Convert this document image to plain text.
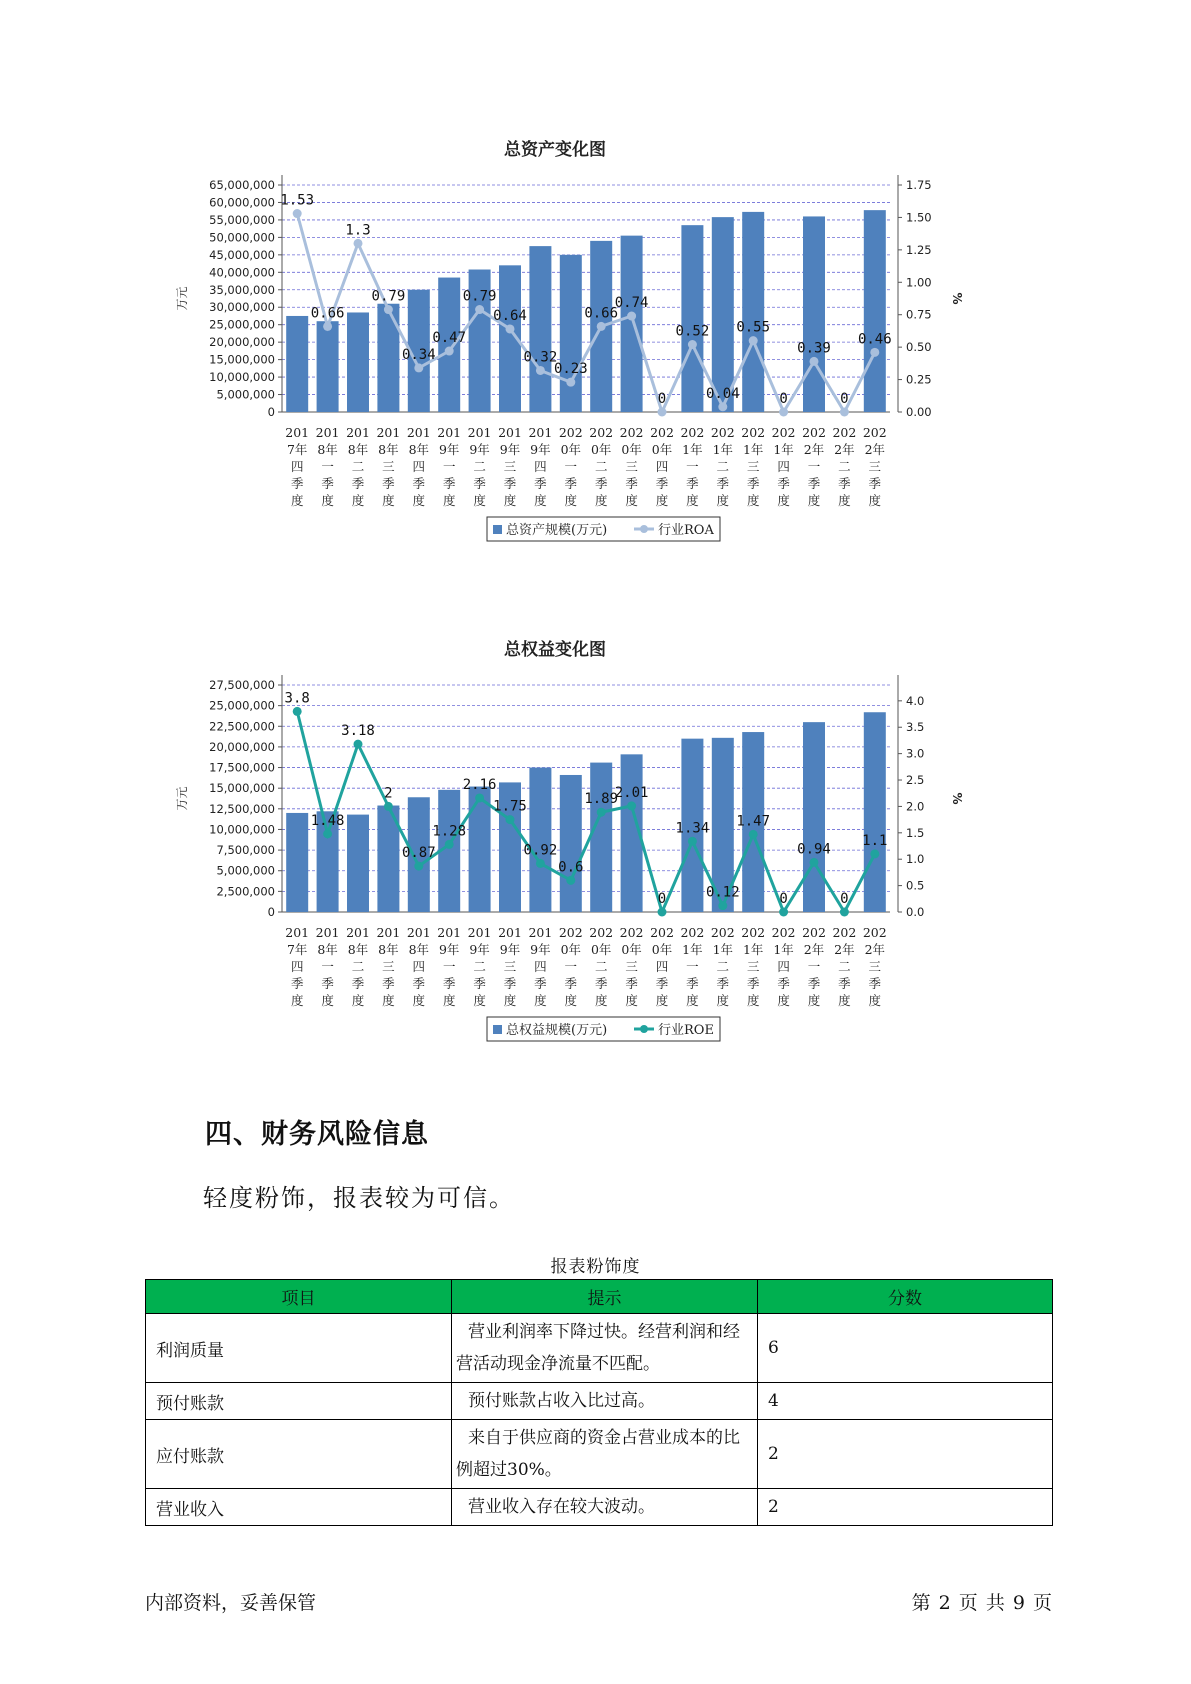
总资产变化图
0
5,000,000
10,000,000
15,000,000
20,000,000
25,000,000
30,000,000
35,000,000
40,000,000
45,000,000
50,000,000
55,000,000
60,000,000
65,000,000
0.00
0.25
0.50
0.75
1.00
1.25
1.50
1.75
万元	%
1.53
0.66
1.3
0.79
0.34
0.47
0.79
0.64
0.32
0.23
0.66
0.74
0
0.52
0.04
0.55
0
0.39
0
0.46
201 7年四季度
201 8年一季度
201 8年二季度
201 8年三季度
201 8年四季度
201 9年一季度
201 9年二季度
201 9年三季度
201 9年四季度
202 0年一季度
202 0年二季度
202 0年三季度
202 0年四季度
202 1年一季度
202 1年二季度
202 1年三季度
202 1年四季度
202 2年一季度
202 2年二季度
202 2年三季度
总资产规模(万元)	行业ROA
总权益变化图
0
2,500,000
5,000,000
7,500,000
10,000,000
12,500,000
15,000,000
17,500,000
20,000,000
22,500,000
25,000,000
27,500,000
0.0
0.5
1.0
1.5
2.0
2.5
3.0
3.5
4.0
万元	%
3.8
1.48
3.18
2
0.87
1.28
2.16
1.75
0.92
0.6
1.89
2.01
0
1.34
0.12
1.47
0
0.94
0
1.1
201 7年四季度
201 8年一季度
201 8年二季度
201 8年三季度
201 8年四季度
201 9年一季度
201 9年二季度
201 9年三季度
201 9年四季度
202 0年一季度
202 0年二季度
202 0年三季度
202 0年四季度
202 1年一季度
202 1年二季度
202 1年三季度
202 1年四季度
202 2年一季度
202 2年二季度
202 2年三季度
总权益规模(万元)	行业ROE
四、财务风险信息

轻度粉饰，报表较为可信。

报表粉饰度
项目	提示	分数
利润质量	营业利润率下降过快。经营利润和经营活动现金净流量不匹配。	6
预付账款	预付账款占收入比过高。	4
应付账款	来自于供应商的资金占营业成本的比例超过30%。	2
营业收入	营业收入存在较大波动。	2
内部资料，妥善保管	第 2 页 共 9 页
